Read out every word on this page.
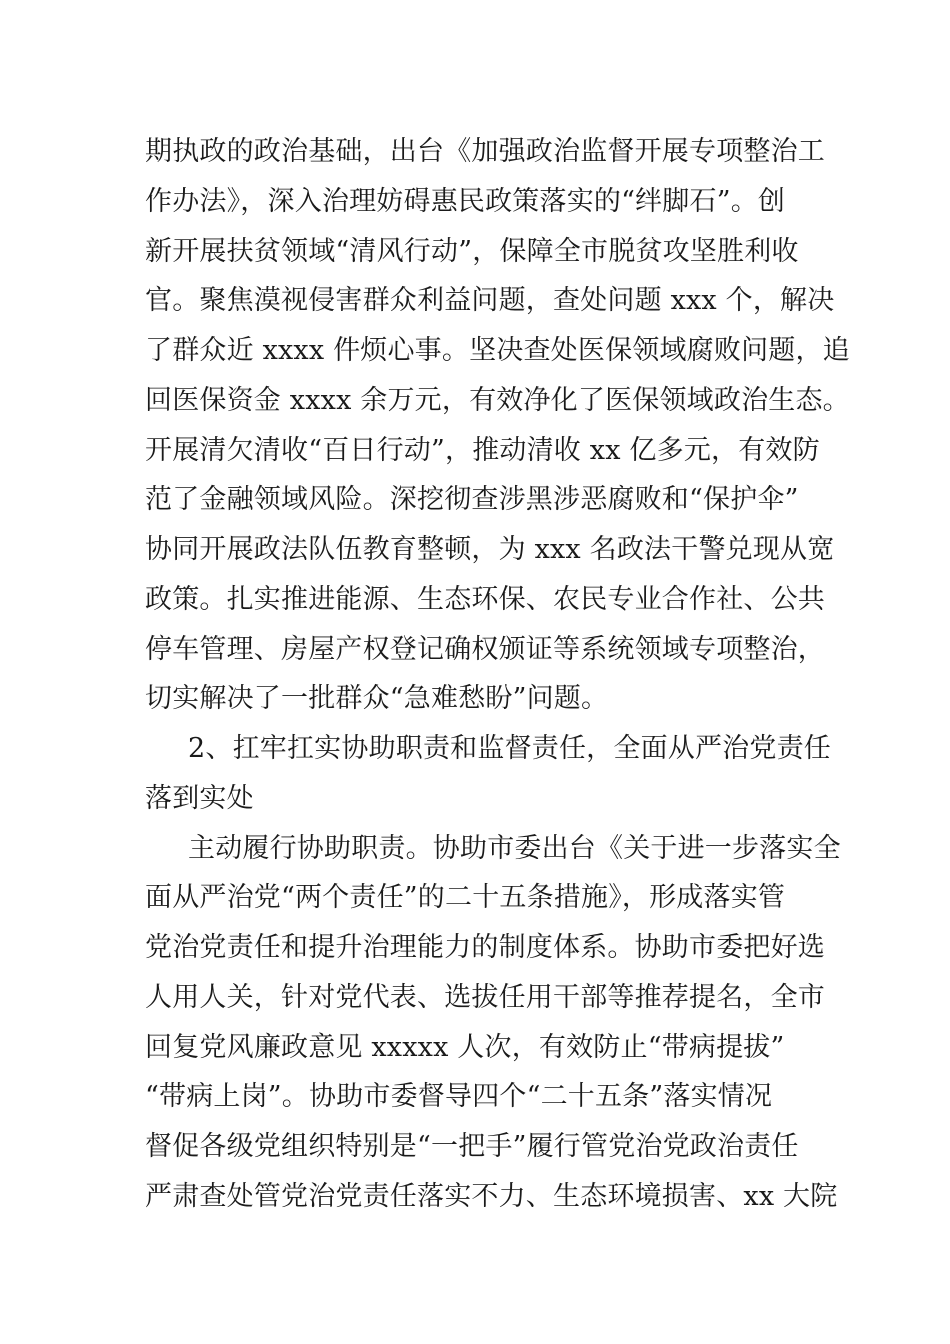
期执政的政治基础，出台《加强政治监督开展专项整治工
作办法》，深入治理妨碍惠民政策落实的“绊脚石”。创
新开展扶贫领域“清风行动”，保障全市脱贫攻坚胜利收
官。聚焦漠视侵害群众利益问题，查处问题 xxx 个，解决
了群众近 xxxx 件烦心事。坚决查处医保领域腐败问题，追
回医保资金 xxxx 余万元，有效净化了医保领域政治生态。
开展清欠清收“百日行动”，推动清收 xx 亿多元，有效防
范了金融领域风险。深挖彻查涉黑涉恶腐败和“保护伞”
协同开展政法队伍教育整顿，为 xxx 名政法干警兑现从宽
政策。扎实推进能源、生态环保、农民专业合作社、公共
停车管理、房屋产权登记确权颁证等系统领域专项整治，
切实解决了一批群众“急难愁盼”问题。
2、扛牢扛实协助职责和监督责任，全面从严治党责任
落到实处
主动履行协助职责。协助市委出台《关于进一步落实全
面从严治党“两个责任”的二十五条措施》，形成落实管
党治党责任和提升治理能力的制度体系。协助市委把好选
人用人关，针对党代表、选拔任用干部等推荐提名，全市
回复党风廉政意见 xxxxx 人次，有效防止“带病提拔”
“带病上岗”。协助市委督导四个“二十五条”落实情况
督促各级党组织特别是“一把手”履行管党治党政治责任
严肃查处管党治党责任落实不力、生态环境损害、xx 大院
